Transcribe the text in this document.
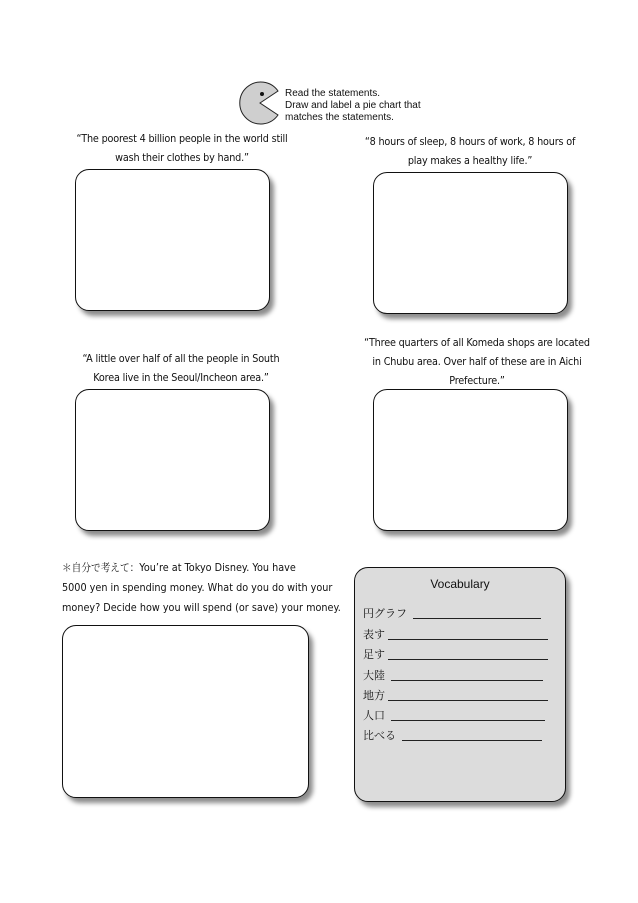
Read the statements.
Draw and label a pie chart that
matches the statements.
“The poorest 4 billion people in the world still
wash their clothes by hand.”
“8 hours of sleep, 8 hours of work, 8 hours of
play makes a healthy life.”
“A little over half of all the people in South
Korea live in the Seoul/Incheon area.”
“Three quarters of all Komeda shops are located
in Chubu area. Over half of these are in Aichi
Prefecture.”
＊自分で考えて：You’re at Tokyo Disney. You have
5000 yen in spending money. What do you do with your
money? Decide how you will spend (or save) your money.
Vocabulary
円グラフ
表す
足す
大陸
地方
人口
比べる
